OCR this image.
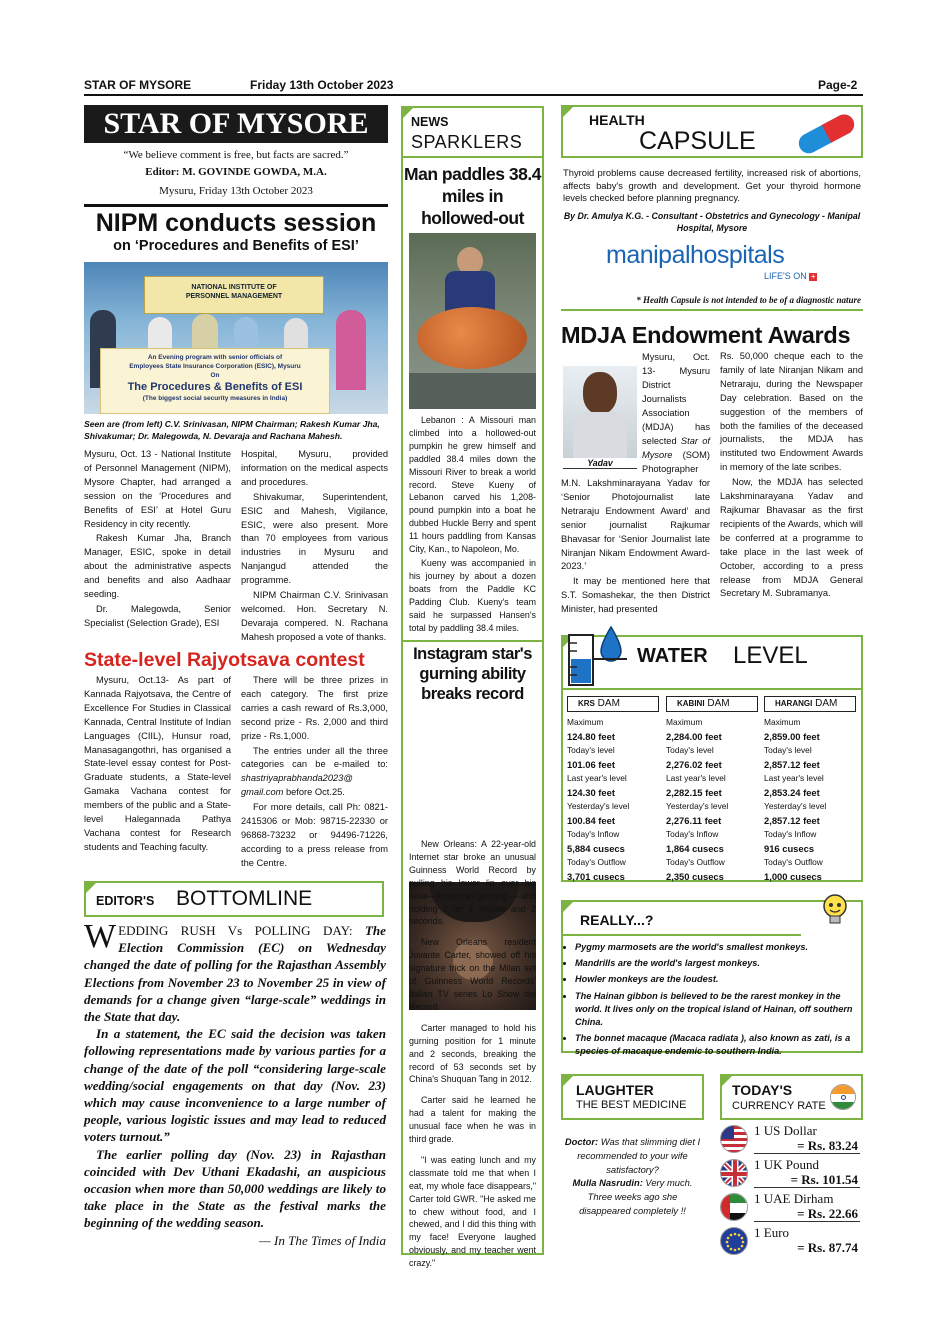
STAR OF MYSORE	Friday 13th October 2023	Page-2
STAR OF MYSORE
“We believe comment is free, but facts are sacred.”
Editor: M. GOVINDE GOWDA, M.A.
Mysuru, Friday 13th October 2023
NIPM conducts session
on ‘Procedures and Benefits of ESI’
NATIONAL INSTITUTE OF
PERSONNEL MANAGEMENT
An Evening program with senior officials of
Employees State Insurance Corporation (ESIC), Mysuru
On
The Procedures & Benefits of ESI
(The biggest social security measures in India)
Seen are (from left) C.V. Srinivasan, NIPM Chairman; Rakesh Kumar Jha, Shivakumar; Dr. Malegowda, N. Devaraja and Rachana Mahesh.

Mysuru, Oct. 13 - National Institute of Personnel Management (NIPM), Mysore Chapter, had arranged a session on the ‘Procedures and Benefits of ESI’ at Hotel Guru Residency in city recently.

Rakesh Kumar Jha, Branch Manager, ESIC, spoke in detail about the administrative aspects and benefits and also Aadhaar seeding.

Dr. Malegowda, Senior Specialist (Selection Grade), ESI

Hospital, Mysuru, provided information on the medical aspects and procedures.

Shivakumar, Superintendent, ESIC and Mahesh, Vigilance, ESIC, were also present. More than 70 employees from various industries in Mysuru and Nanjangud attended the programme.

NIPM Chairman C.V. Srinivasan welcomed. Hon. Secretary N. Devaraja compered. N. Rachana Mahesh proposed a vote of thanks.

State-level Rajyotsava contest

Mysuru, Oct.13- As part of Kannada Rajyotsava, the Centre of Excellence For Studies in Classical Kannada, Central Institute of Indian Languages (CIIL), Hunsur road, Manasagangothri, has organised a State-level essay contest for Post-Graduate students, a State-level Gamaka Vachana contest for members of the public and a State-level Halegannada Pathya Vachana contest for Research students and Teaching faculty.

There will be three prizes in each category. The first prize carries a cash reward of Rs.3,000, second prize - Rs. 2,000 and third prize - Rs.1,000.

The entries under all the three categories can be e-mailed to: shastriyaprabhanda2023@ gmail.com before Oct.25.

For more details, call Ph: 0821-2415306 or Mob: 98715-22330 or 96868-73232 or 94496-71226, according to a press release from the Centre.

EDITOR'S BOTTOMLINE

WEDDING RUSH Vs POLLING DAY: The Election Commission (EC) on Wednesday changed the date of polling for the Rajasthan Assembly Elections from November 23 to November 25 in view of demands for a change given “large-scale” weddings in the State that day.

In a statement, the EC said the decision was taken following representations made by various parties for a change of the date of the poll “considering large-scale wedding/social engagements on that day (Nov. 23) which may cause inconvenience to a large number of people, various logistic issues and may lead to reduced voters turnout.”

The earlier polling day (Nov. 23) in Rajasthan coincided with Dev Uthani Ekadashi, an auspicious occasion when more than 50,000 weddings are likely to take place in the State as the festival marks the beginning of the wedding season.

— In The Times of India

NEWS
SPARKLERS
Man paddles 38.4 miles in hollowed-out

Lebanon : A Missouri man climbed into a hollowed-out pumpkin he grew himself and paddled 38.4 miles down the Missouri River to break a world record. Steve Kueny of Lebanon carved his 1,208-pound pumpkin into a boat he dubbed Huckle Berry and spent 11 hours paddling from Kansas City, Kan., to Napoleon, Mo.

Kueny was accompanied in his journey by about a dozen boats from the Paddle KC Padding Club. Kueny's team said he surpassed Hansen's total by paddling 38.4 miles.

Instagram star's gurning ability breaks record

New Orleans: A 22-year-old Internet star broke an unusual Guinness World Record by pulling his lower lip over his nose—known as gurning — and holding it for 1 minute and 2 seconds.

New Orleans resident Jovante Carter, showed off his signature trick on the Milan set of Guinness World Records' Italian TV series Lo Show dei Record.

Carter managed to hold his gurning position for 1 minute and 2 seconds, breaking the record of 53 seconds set by China's Shuquan Tang in 2012.

Carter said he learned he had a talent for making the unusual face when he was in third grade.

"I was eating lunch and my classmate told me that when I eat, my whole face disappears," Carter told GWR. "He asked me to chew without food, and I chewed, and I did this thing with my face! Everyone laughed obviously, and my teacher went crazy."

HEALTH
CAPSULE
Thyroid problems cause decreased fertility, increased risk of abortions, affects baby's growth and development. Get your thyroid hormone levels checked before planning pregnancy.
By Dr. Amulya K.G. - Consultant - Obstetrics and Gynecology - Manipal Hospital, Mysore
manipalhospitals
LIFE'S ON +
* Health Capsule is not intended to be of a diagnostic nature
MDJA Endowment Awards
Yadav
Mysuru, Oct. 13- Mysuru District Journalists Association (MDJA) has selected Star of Mysore (SOM) Photographer

M.N. Lakshminarayana Yadav for ‘Senior Photojournalist late Netraraju Endowment Award’ and senior journalist Rajkumar Bhavasar for ‘Senior Journalist late Niranjan Nikam Endowment Award-2023.’

It may be mentioned here that S.T. Somashekar, the then District Minister, had presented

Rs. 50,000 cheque each to the family of late Niranjan Nikam and Netraraju, during the Newspaper Day celebration. Based on the suggestion of the members of both the families of the deceased journalists, the MDJA has instituted two Endowment Awards in memory of the late scribes.

Now, the MDJA has selected Lakshminarayana Yadav and Rajkumar Bhavasar as the first recipients of the Awards, which will be conferred at a programme to take place in the last week of October, according to a press release from MDJA General Secretary M. Subramanya.

WATER LEVEL
KRS DAM
Maximum
124.80 feet
Today's level
101.06 feet
Last year's level
124.30 feet
Yesterday's level
100.84 feet
Today's Inflow
5,884 cusecs
Today's Outflow
3,701 cusecs
KABINI DAM
Maximum
2,284.00 feet
Today's level
2,276.02 feet
Last year's level
2,282.15 feet
Yesterday's level
2,276.11 feet
Today's Inflow
1,864 cusecs
Today's Outflow
2,350 cusecs
HARANGI DAM
Maximum
2,859.00 feet
Today's level
2,857.12 feet
Last year's level
2,853.24 feet
Yesterday's level
2,857.12 feet
Today's Inflow
916 cusecs
Today's Outflow
1,000 cusecs
REALLY...?
• Pygmy marmosets are the world's smallest monkeys.
• Mandrills are the world's largest monkeys.
• Howler monkeys are the loudest.
• The Hainan gibbon is believed to be the rarest monkey in the world. It lives only on the tropical island of Hainan, off southern China.
• The bonnet macaque (Macaca radiata ), also known as zati, is a species of macaque endemic to southern India.
LAUGHTER
THE BEST MEDICINE

Doctor: Was that slimming diet I recommended to your wife satisfactory?

Mulla Nasrudin: Very much. Three weeks ago she disappeared completely !!

TODAY'S
CURRENCY RATE
1 US Dollar
= Rs. 83.24
1 UK Pound
= Rs. 101.54
1 UAE Dirham
= Rs. 22.66
1 Euro
= Rs. 87.74
